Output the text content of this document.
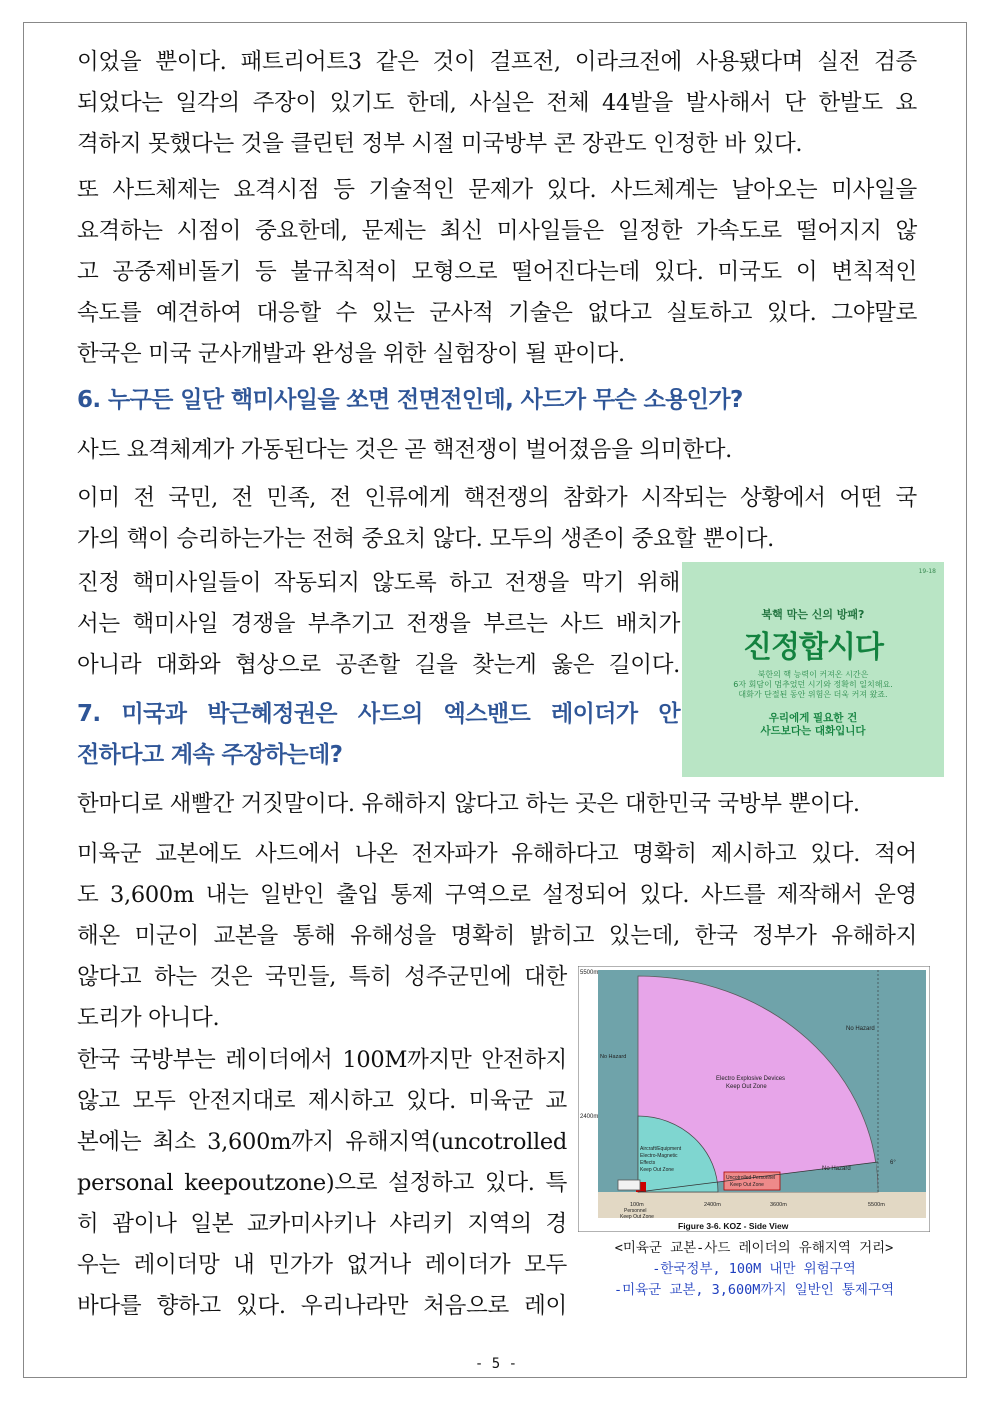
이었을 뿐이다. 패트리어트3 같은 것이 걸프전, 이라크전에 사용됐다며 실전 검증
되었다는 일각의 주장이 있기도 한데, 사실은 전체 44발을 발사해서 단 한발도 요
격하지 못했다는 것을 클린턴 정부 시절 미국방부 콘 장관도 인정한 바 있다.
또 사드체제는 요격시점 등 기술적인 문제가 있다. 사드체계는 날아오는 미사일을
요격하는 시점이 중요한데, 문제는 최신 미사일들은 일정한 가속도로 떨어지지 않
고 공중제비돌기 등 불규칙적이 모형으로 떨어진다는데 있다. 미국도 이 변칙적인
속도를 예견하여 대응할 수 있는 군사적 기술은 없다고 실토하고 있다. 그야말로
한국은 미국 군사개발과 완성을 위한 실험장이 될 판이다.
6. 누구든 일단 핵미사일을 쏘면 전면전인데, 사드가 무슨 소용인가?
사드 요격체계가 가동된다는 것은 곧 핵전쟁이 벌어졌음을 의미한다.
이미 전 국민, 전 민족, 전 인류에게 핵전쟁의 참화가 시작되는 상황에서 어떤 국
가의 핵이 승리하는가는 전혀 중요치 않다. 모두의 생존이 중요할 뿐이다.
진정 핵미사일들이 작동되지 않도록 하고 전쟁을 막기 위해
서는 핵미사일 경쟁을 부추기고 전쟁을 부르는 사드 배치가
아니라 대화와 협상으로 공존할 길을 찾는게 옳은 길이다.
7. 미국과 박근혜정권은 사드의 엑스밴드 레이더가 안
전하다고 계속 주장하는데?
19-18
북핵 막는 신의 방패?
진정합시다
북한의 핵 능력이 커져온 시간은
6자 회담이 멈추었던 시기와 정확히 일치해요.
대화가 단절된 동안 위험은 더욱 커져 왔죠.
우리에게 필요한 건
사드보다는 대화입니다
한마디로 새빨간 거짓말이다. 유해하지 않다고 하는 곳은 대한민국 국방부 뿐이다.
미육군 교본에도 사드에서 나온 전자파가 유해하다고 명확히 제시하고 있다. 적어
도 3,600m 내는 일반인 출입 통제 구역으로 설정되어 있다. 사드를 제작해서 운영
해온 미군이 교본을 통해 유해성을 명확히 밝히고 있는데, 한국 정부가 유해하지
않다고 하는 것은 국민들, 특히 성주군민에 대한
도리가 아니다.
한국 국방부는 레이더에서 100M까지만 안전하지
않고 모두 안전지대로 제시하고 있다. 미육군 교
본에는 최소 3,600m까지 유해지역(uncotrolled
personal keepoutzone)으로 설정하고 있다. 특
히 괌이나 일본 교카미사키나 샤리키 지역의 경
우는 레이더망 내 민가가 없거나 레이더가 모두
바다를 향하고 있다. 우리나라만 처음으로 레이
5500m
2400m
No Hazard
No Hazard
No Hazard
Electro Explosive Devices
Keep Out Zone
Aircraft/Equipment
Electro-Magnetic
Effects
Keep Out Zone
Uncotrolled Personnel
Keep Out Zone
6°
100m	2400m	3600m	5500m
Personnel
Keep Out Zone
Figure 3-6. KOZ - Side View
<미육군 교본-사드 레이더의 유해지역 거리>
-한국정부, 100M 내만 위험구역
-미육군 교본, 3,600M까지 일반인 통제구역
- 5 -
